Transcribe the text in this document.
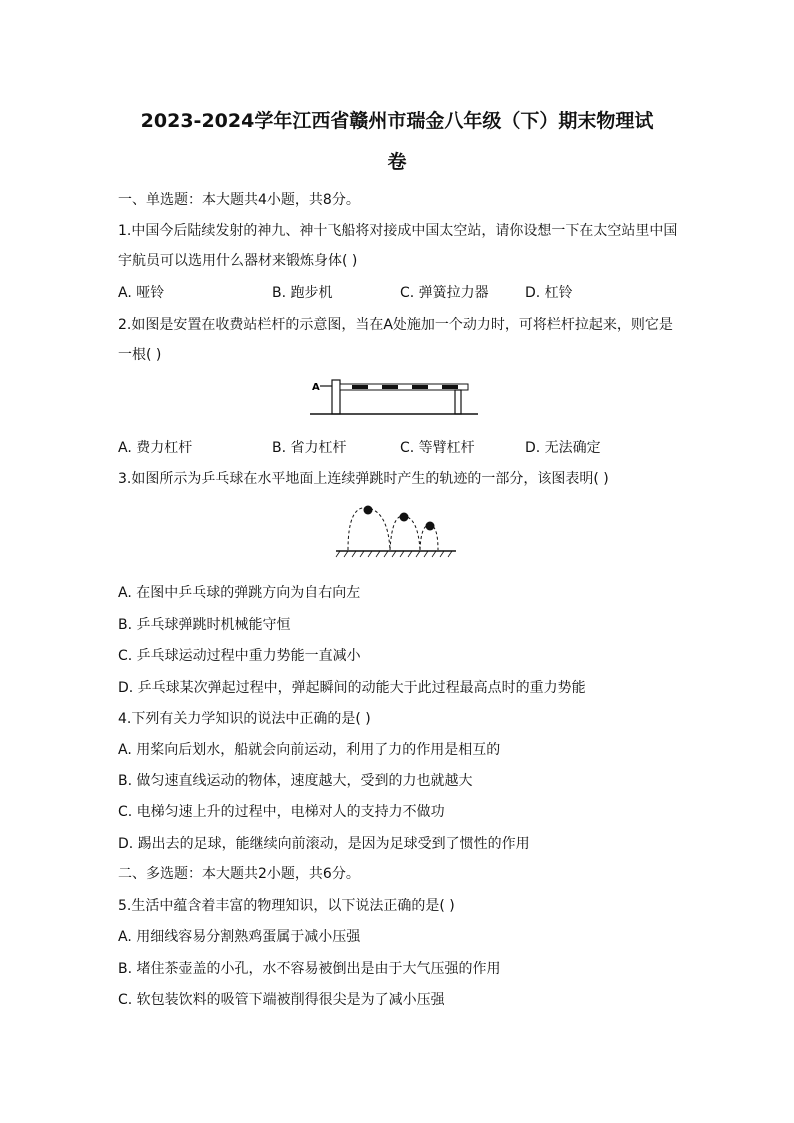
2023-2024学年江西省赣州市瑞金八年级（下）期末物理试
卷
一、单选题：本大题共4小题，共8分。
1.中国今后陆续发射的神九、神十飞船将对接成中国太空站，请你设想一下在太空站里中国
宇航员可以选用什么器材来锻炼身体( )
A. 哑铃	B. 跑步机	C. 弹簧拉力器	D. 杠铃
2.如图是安置在收费站栏杆的示意图，当在A处施加一个动力时，可将栏杆拉起来，则它是
一根( )
A
A. 费力杠杆	B. 省力杠杆	C. 等臂杠杆	D. 无法确定
3.如图所示为乒乓球在水平地面上连续弹跳时产生的轨迹的一部分，该图表明( )
A. 在图中乒乓球的弹跳方向为自右向左
B. 乒乓球弹跳时机械能守恒
C. 乒乓球运动过程中重力势能一直减小
D. 乒乓球某次弹起过程中，弹起瞬间的动能大于此过程最高点时的重力势能
4.下列有关力学知识的说法中正确的是( )
A. 用桨向后划水，船就会向前运动，利用了力的作用是相互的
B. 做匀速直线运动的物体，速度越大，受到的力也就越大
C. 电梯匀速上升的过程中，电梯对人的支持力不做功
D. 踢出去的足球，能继续向前滚动，是因为足球受到了惯性的作用
二、多选题：本大题共2小题，共6分。
5.生活中蕴含着丰富的物理知识，以下说法正确的是( )
A. 用细线容易分割熟鸡蛋属于减小压强
B. 堵住茶壶盖的小孔，水不容易被倒出是由于大气压强的作用
C. 软包装饮料的吸管下端被削得很尖是为了减小压强
